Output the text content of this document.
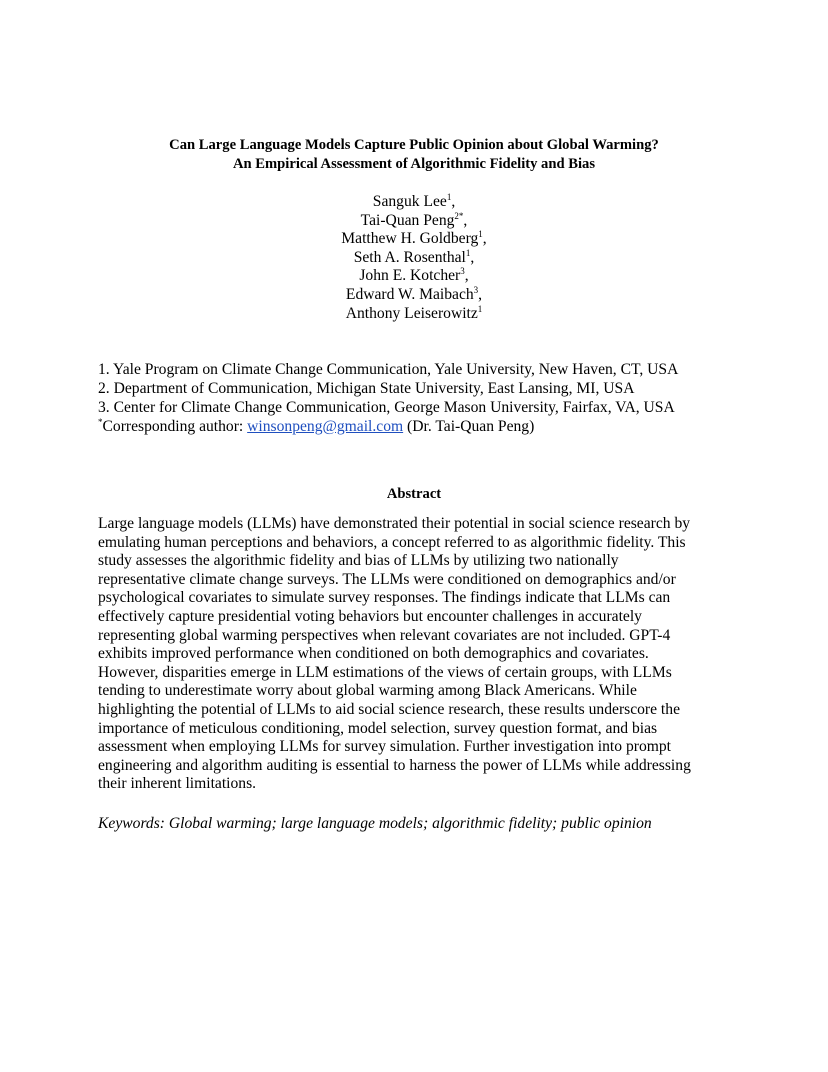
Can Large Language Models Capture Public Opinion about Global Warming?
An Empirical Assessment of Algorithmic Fidelity and Bias
Sanguk Lee$^1$,
Tai-Quan Peng$^{2*}$,
Matthew H. Goldberg$^1$,
Seth A. Rosenthal$^1$,
John E. Kotcher$^3$,
Edward W. Maibach$^3$,
Anthony Leiserowitz$^1$
1. Yale Program on Climate Change Communication, Yale University, New Haven, CT, USA
2. Department of Communication, Michigan State University, East Lansing, MI, USA
3. Center for Climate Change Communication, George Mason University, Fairfax, VA, USA
*Corresponding author: winsonpeng@gmail.com (Dr. Tai-Quan Peng)
Abstract
Large language models (LLMs) have demonstrated their potential in social science research by
emulating human perceptions and behaviors, a concept referred to as algorithmic fidelity. This
study assesses the algorithmic fidelity and bias of LLMs by utilizing two nationally
representative climate change surveys. The LLMs were conditioned on demographics and/or
psychological covariates to simulate survey responses. The findings indicate that LLMs can
effectively capture presidential voting behaviors but encounter challenges in accurately
representing global warming perspectives when relevant covariates are not included. GPT-4
exhibits improved performance when conditioned on both demographics and covariates.
However, disparities emerge in LLM estimations of the views of certain groups, with LLMs
tending to underestimate worry about global warming among Black Americans. While
highlighting the potential of LLMs to aid social science research, these results underscore the
importance of meticulous conditioning, model selection, survey question format, and bias
assessment when employing LLMs for survey simulation. Further investigation into prompt
engineering and algorithm auditing is essential to harness the power of LLMs while addressing
their inherent limitations.
Keywords: Global warming; large language models; algorithmic fidelity; public opinion
